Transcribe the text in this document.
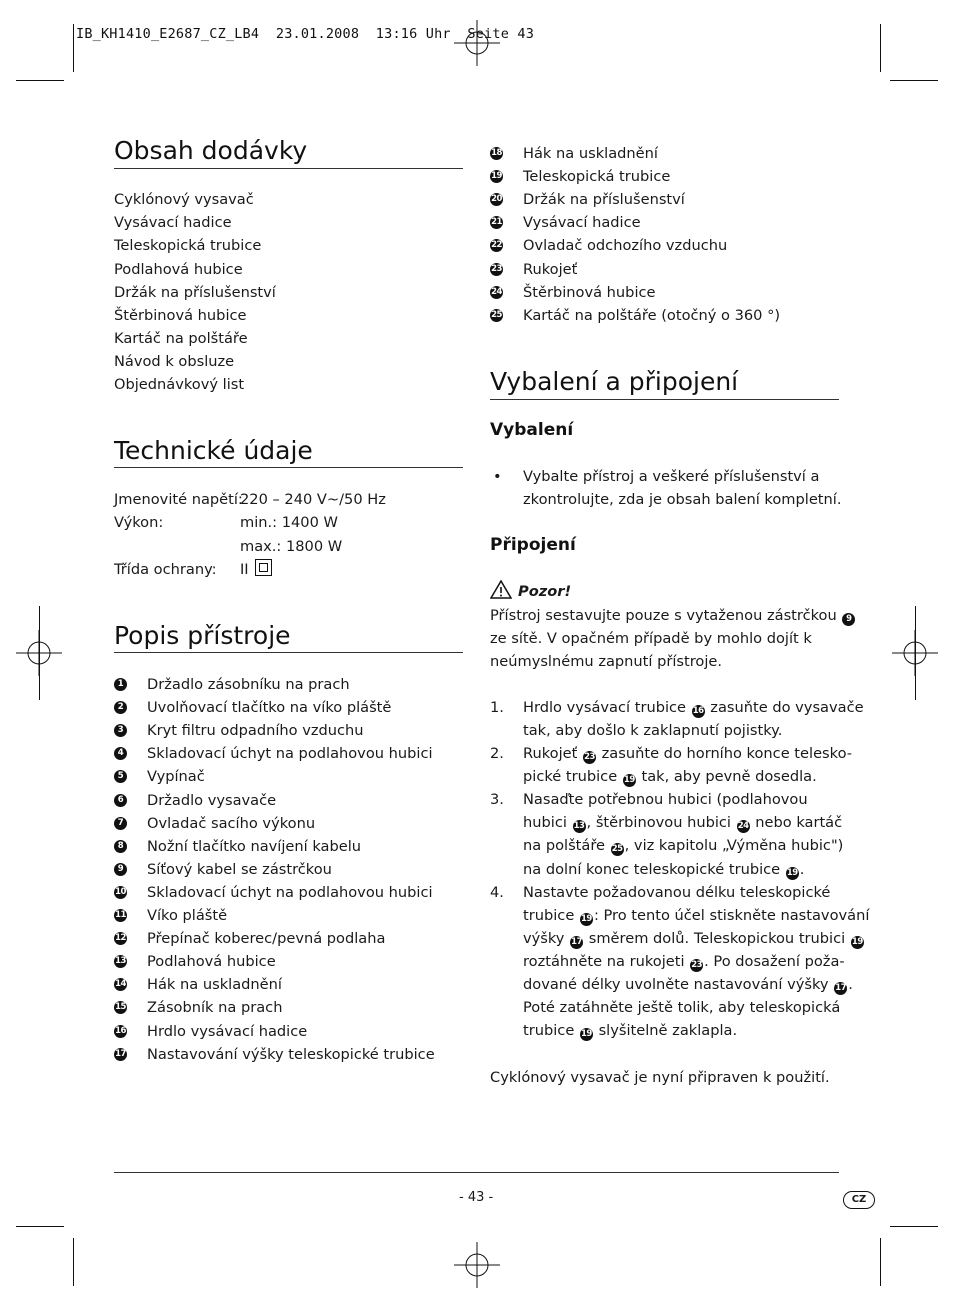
IB_KH1410_E2687_CZ_LB4  23.01.2008  13:16 Uhr  Seite 43
Obsah dodávky
Cyklónový vysavač
Vysávací hadice
Teleskopická trubice
Podlahová hubice
Držák na příslušenství
Štěrbinová hubice
Kartáč na polštáře
Návod k obsluze
Objednávkový list
Technické údaje
Jmenovité napětí:
220 – 240 V~/50 Hz
Výkon:	min.: 1400 W
max.: 1800 W
Třída ochrany: II
Popis přístroje
1 Držadlo zásobníku na prach
2 Uvolňovací tlačítko na víko pláště
3 Kryt filtru odpadního vzduchu
4 Skladovací úchyt na podlahovou hubici
5 Vypínač
6 Držadlo vysavače
7 Ovladač sacího výkonu
8 Nožní tlačítko navíjení kabelu
9 Síťový kabel se zástrčkou
10 Skladovací úchyt na podlahovou hubici
11 Víko pláště
12 Přepínač koberec/pevná podlaha
13 Podlahová hubice
14 Hák na uskladnění
15 Zásobník na prach
16 Hrdlo vysávací hadice
17 Nastavování výšky teleskopické trubice
18 Hák na uskladnění
19 Teleskopická trubice
20 Držák na příslušenství
21 Vysávací hadice
22 Ovladač odchozího vzduchu
23 Rukojeť
24 Štěrbinová hubice
25 Kartáč na polštáře (otočný o 360 °)
Vybalení a připojení
Vybalení
• Vybalte přístroj a veškeré příslušenství a
zkontrolujte, zda je obsah balení kompletní.
Připojení
Pozor!
Přístroj sestavujte pouze s vytaženou zástrčkou 9
ze sítě. V opačném případě by mohlo dojít k
neúmyslnému zapnutí přístroje.
1. Hrdlo vysávací trubice 16 zasuňte do vysavače
tak, aby došlo k zaklapnutí pojistky.
2. Rukojeť 23 zasuňte do horního konce telesko-
pické trubice 19 tak, aby pevně dosedla.
3. Nasaďte potřebnou hubici (podlahovou
hubici 13 , štěrbinovou hubici 24 nebo kartáč
na polštáře 25 , viz kapitolu „Výměna hubic")
na dolní konec teleskopické trubice 19 .
4. Nastavte požadovanou délku teleskopické
trubice 19 : Pro tento účel stiskněte nastavování
výšky 17 směrem dolů. Teleskopickou trubici 19
roztáhněte na rukojeti 23 . Po dosažení poža-
dované délky uvolněte nastavování výšky 17 .
Poté zatáhněte ještě tolik, aby teleskopická
trubice 19 slyšitelně zaklapla.
Cyklónový vysavač je nyní připraven k použití.
- 43 -	CZ
